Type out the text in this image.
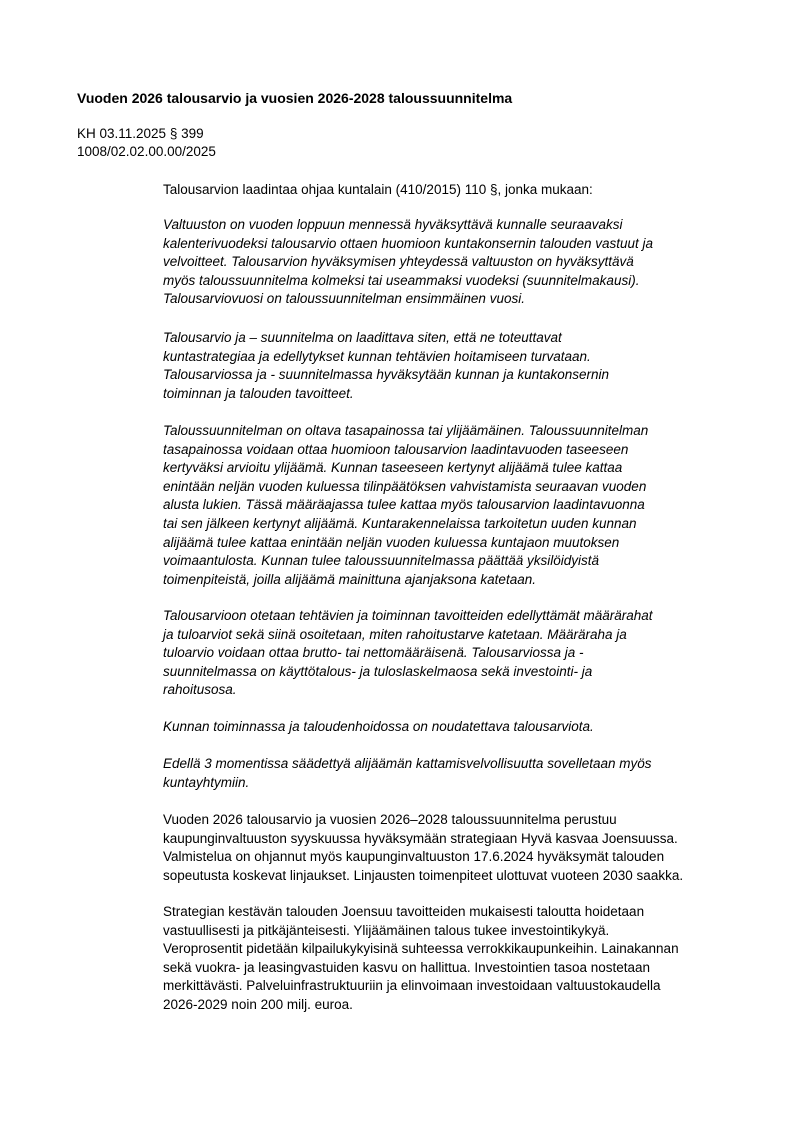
Vuoden 2026 talousarvio ja vuosien 2026-2028 taloussuunnitelma
KH 03.11.2025 § 399
1008/02.02.00.00/2025
Talousarvion laadintaa ohjaa kuntalain (410/2015) 110 §, jonka mukaan:
Valtuuston on vuoden loppuun mennessä hyväksyttävä kunnalle seuraavaksi
kalenterivuodeksi talousarvio ottaen huomioon kuntakonsernin talouden vastuut ja
velvoitteet. Talousarvion hyväksymisen yhteydessä valtuuston on hyväksyttävä
myös taloussuunnitelma kolmeksi tai useammaksi vuodeksi (suunnitelmakausi).
Talousarviovuosi on taloussuunnitelman ensimmäinen vuosi.
Talousarvio ja – suunnitelma on laadittava siten, että ne toteuttavat
kuntastrategiaa ja edellytykset kunnan tehtävien hoitamiseen turvataan.
Talousarviossa ja - suunnitelmassa hyväksytään kunnan ja kuntakonsernin
toiminnan ja talouden tavoitteet.
Taloussuunnitelman on oltava tasapainossa tai ylijäämäinen. Taloussuunnitelman
tasapainossa voidaan ottaa huomioon talousarvion laadintavuoden taseeseen
kertyväksi arvioitu ylijäämä. Kunnan taseeseen kertynyt alijäämä tulee kattaa
enintään neljän vuoden kuluessa tilinpäätöksen vahvistamista seuraavan vuoden
alusta lukien. Tässä määräajassa tulee kattaa myös talousarvion laadintavuonna
tai sen jälkeen kertynyt alijäämä. Kuntarakennelaissa tarkoitetun uuden kunnan
alijäämä tulee kattaa enintään neljän vuoden kuluessa kuntajaon muutoksen
voimaantulosta. Kunnan tulee taloussuunnitelmassa päättää yksilöidyistä
toimenpiteistä, joilla alijäämä mainittuna ajanjaksona katetaan.
Talousarvioon otetaan tehtävien ja toiminnan tavoitteiden edellyttämät määrärahat
ja tuloarviot sekä siinä osoitetaan, miten rahoitustarve katetaan. Määräraha ja
tuloarvio voidaan ottaa brutto- tai nettomääräisenä. Talousarviossa ja -
suunnitelmassa on käyttötalous- ja tuloslaskelmaosa sekä investointi- ja
rahoitusosa.
Kunnan toiminnassa ja taloudenhoidossa on noudatettava talousarviota.
Edellä 3 momentissa säädettyä alijäämän kattamisvelvollisuutta sovelletaan myös
kuntayhtymiin.
Vuoden 2026 talousarvio ja vuosien 2026–2028 taloussuunnitelma perustuu
kaupunginvaltuuston syyskuussa hyväksymään strategiaan Hyvä kasvaa Joensuussa.
Valmistelua on ohjannut myös kaupunginvaltuuston 17.6.2024 hyväksymät talouden
sopeutusta koskevat linjaukset. Linjausten toimenpiteet ulottuvat vuoteen 2030 saakka.
Strategian kestävän talouden Joensuu tavoitteiden mukaisesti taloutta hoidetaan
vastuullisesti ja pitkäjänteisesti. Ylijäämäinen talous tukee investointikykyä.
Veroprosentit pidetään kilpailukykyisinä suhteessa verrokkikaupunkeihin. Lainakannan
sekä vuokra- ja leasingvastuiden kasvu on hallittua. Investointien tasoa nostetaan
merkittävästi. Palveluinfrastruktuuriin ja elinvoimaan investoidaan valtuustokaudella
2026-2029 noin 200 milj. euroa.
